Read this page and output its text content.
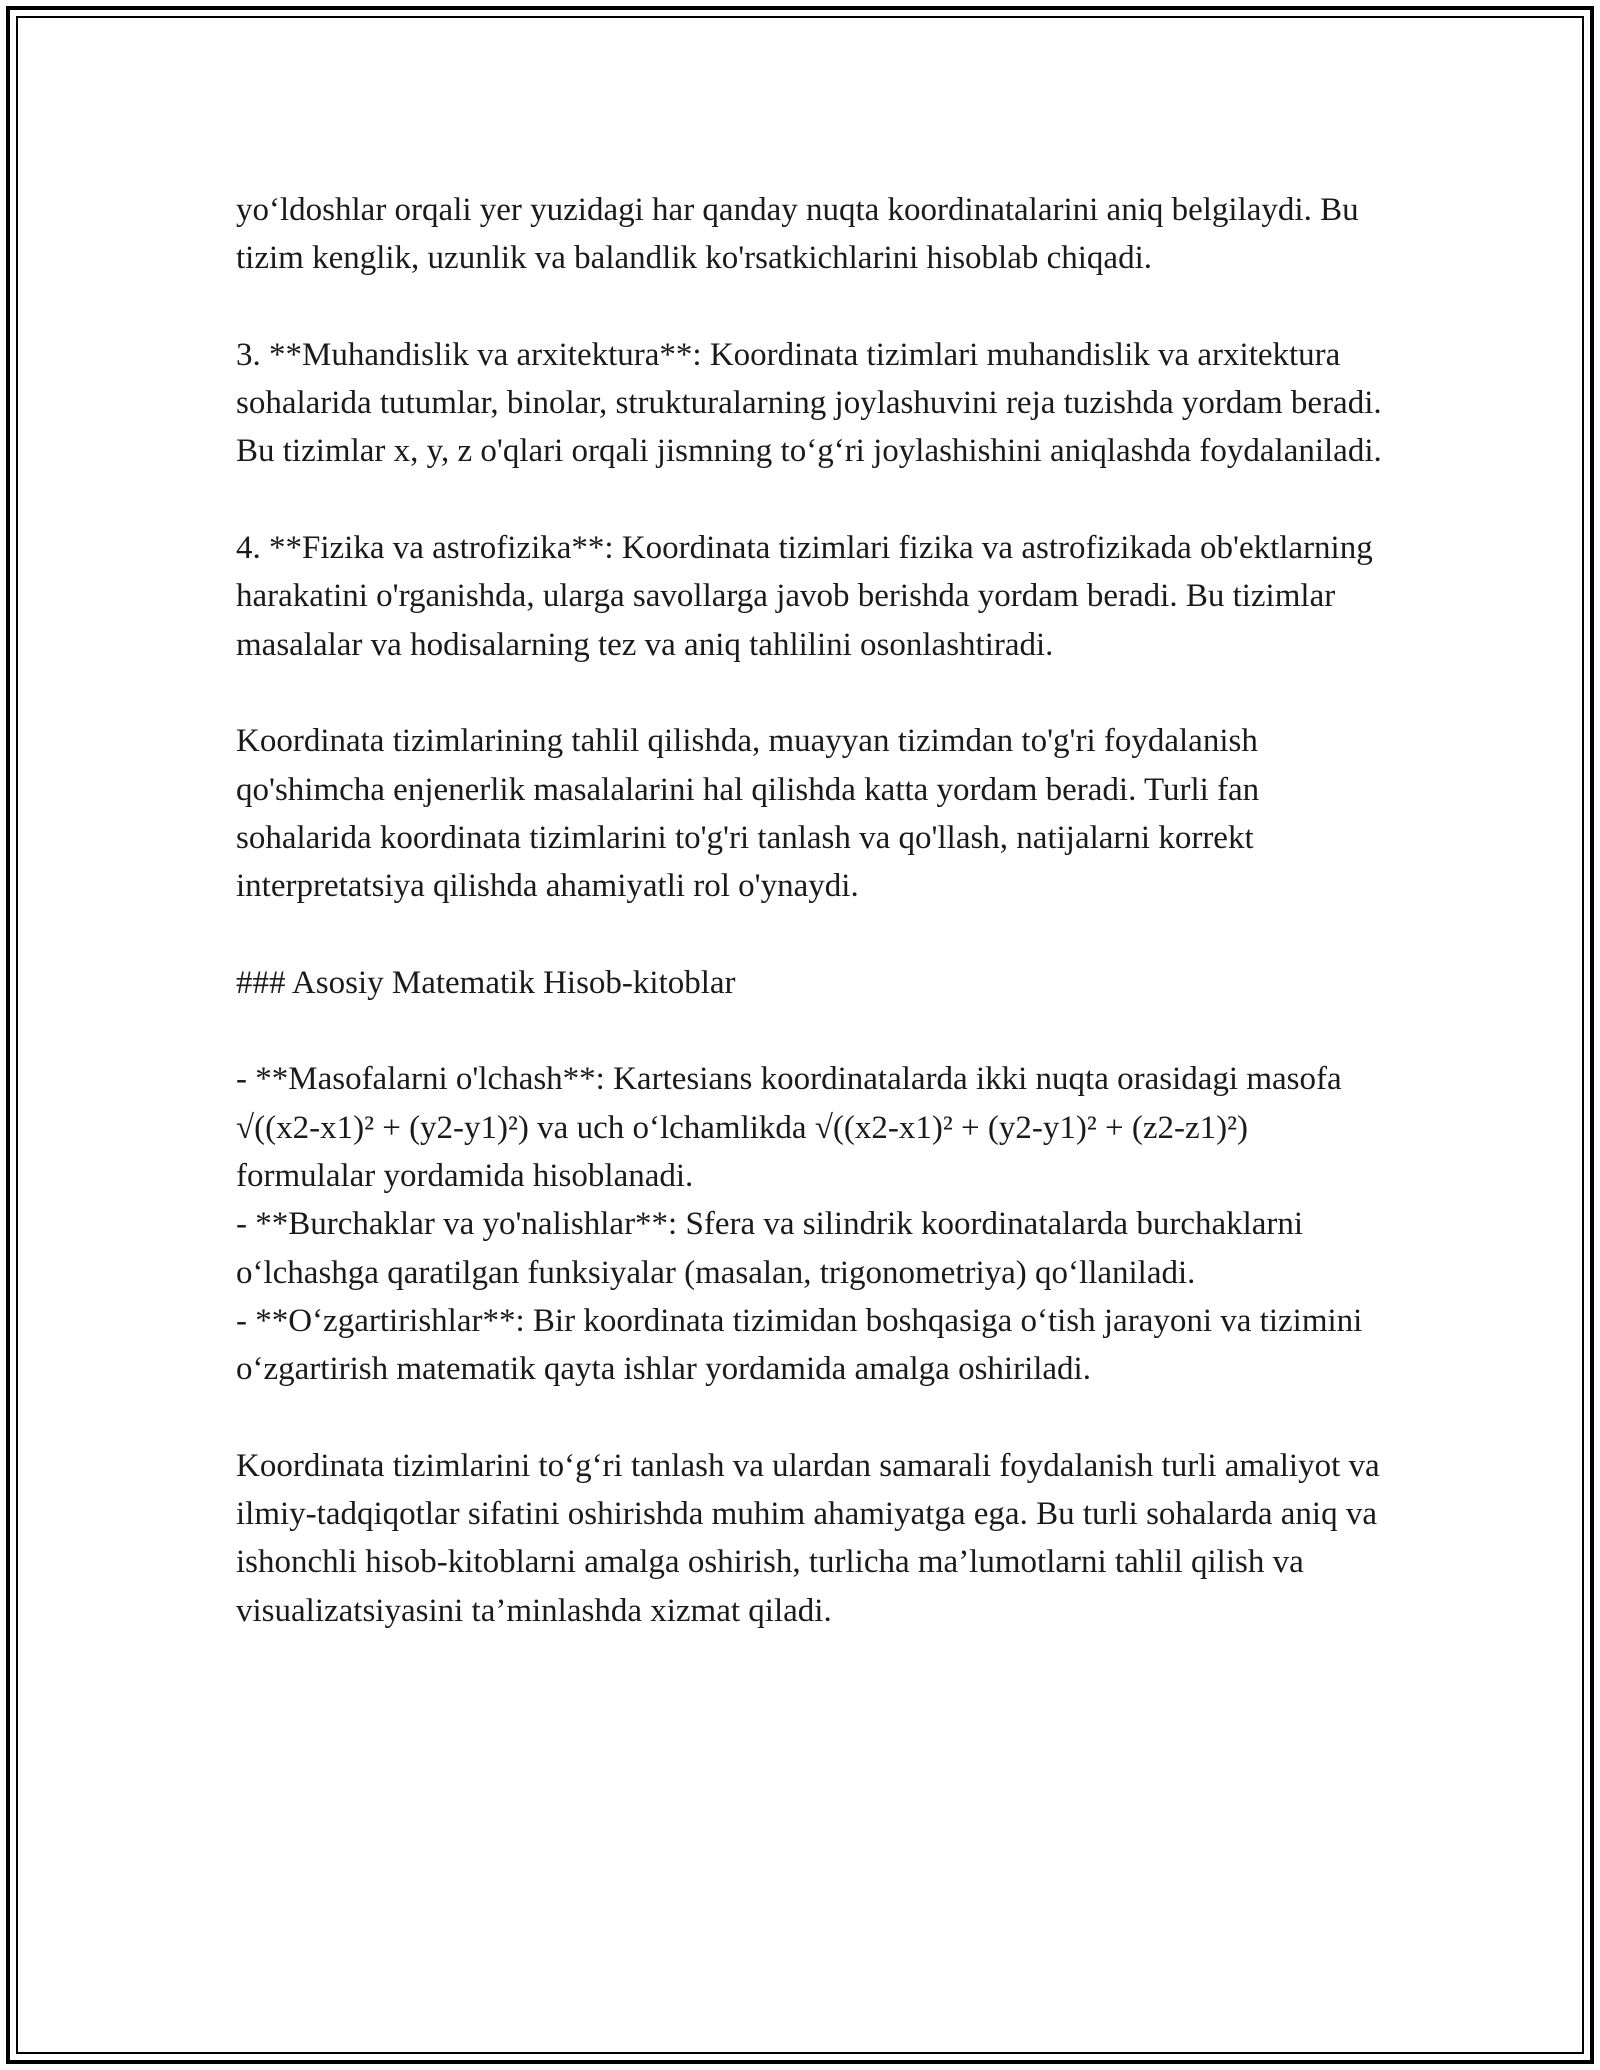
yo‘ldoshlar orqali yer yuzidagi har qanday nuqta koordinatalarini aniq belgilaydi. Bu tizim kenglik, uzunlik va balandlik ko'rsatkichlarini hisoblab chiqadi.

3. **Muhandislik va arxitektura**: Koordinata tizimlari muhandislik va arxitektura sohalarida tutumlar, binolar, strukturalarning joylashuvini reja tuzishda yordam beradi. Bu tizimlar x, y, z o'qlari orqali jismning to‘g‘ri joylashishini aniqlashda foydalaniladi.

4. **Fizika va astrofizika**: Koordinata tizimlari fizika va astrofizikada ob'ektlarning harakatini o'rganishda, ularga savollarga javob berishda yordam beradi. Bu tizimlar masalalar va hodisalarning tez va aniq tahlilini osonlashtiradi.

Koordinata tizimlarining tahlil qilishda, muayyan tizimdan to'g'ri foydalanish qo'shimcha enjenerlik masalalarini hal qilishda katta yordam beradi. Turli fan sohalarida koordinata tizimlarini to'g'ri tanlash va qo'llash, natijalarni korrekt interpretatsiya qilishda ahamiyatli rol o'ynaydi.

### Asosiy Matematik Hisob-kitoblar

- **Masofalarni o'lchash**: Kartesians koordinatalarda ikki nuqta orasidagi masofa √((x2-x1)² + (y2-y1)²) va uch o‘lchamlikda √((x2-x1)² + (y2-y1)² + (z2-z1)²) formulalar yordamida hisoblanadi.

- **Burchaklar va yo'nalishlar**: Sfera va silindrik koordinatalarda burchaklarni o‘lchashga qaratilgan funksiyalar (masalan, trigonometriya) qo‘llaniladi.

- **O‘zgartirishlar**: Bir koordinata tizimidan boshqasiga o‘tish jarayoni va tizimini o‘zgartirish matematik qayta ishlar yordamida amalga oshiriladi.

Koordinata tizimlarini to‘g‘ri tanlash va ulardan samarali foydalanish turli amaliyot va ilmiy-tadqiqotlar sifatini oshirishda muhim ahamiyatga ega. Bu turli sohalarda aniq va ishonchli hisob-kitoblarni amalga oshirish, turlicha ma’lumotlarni tahlil qilish va visualizatsiyasini ta’minlashda xizmat qiladi.
